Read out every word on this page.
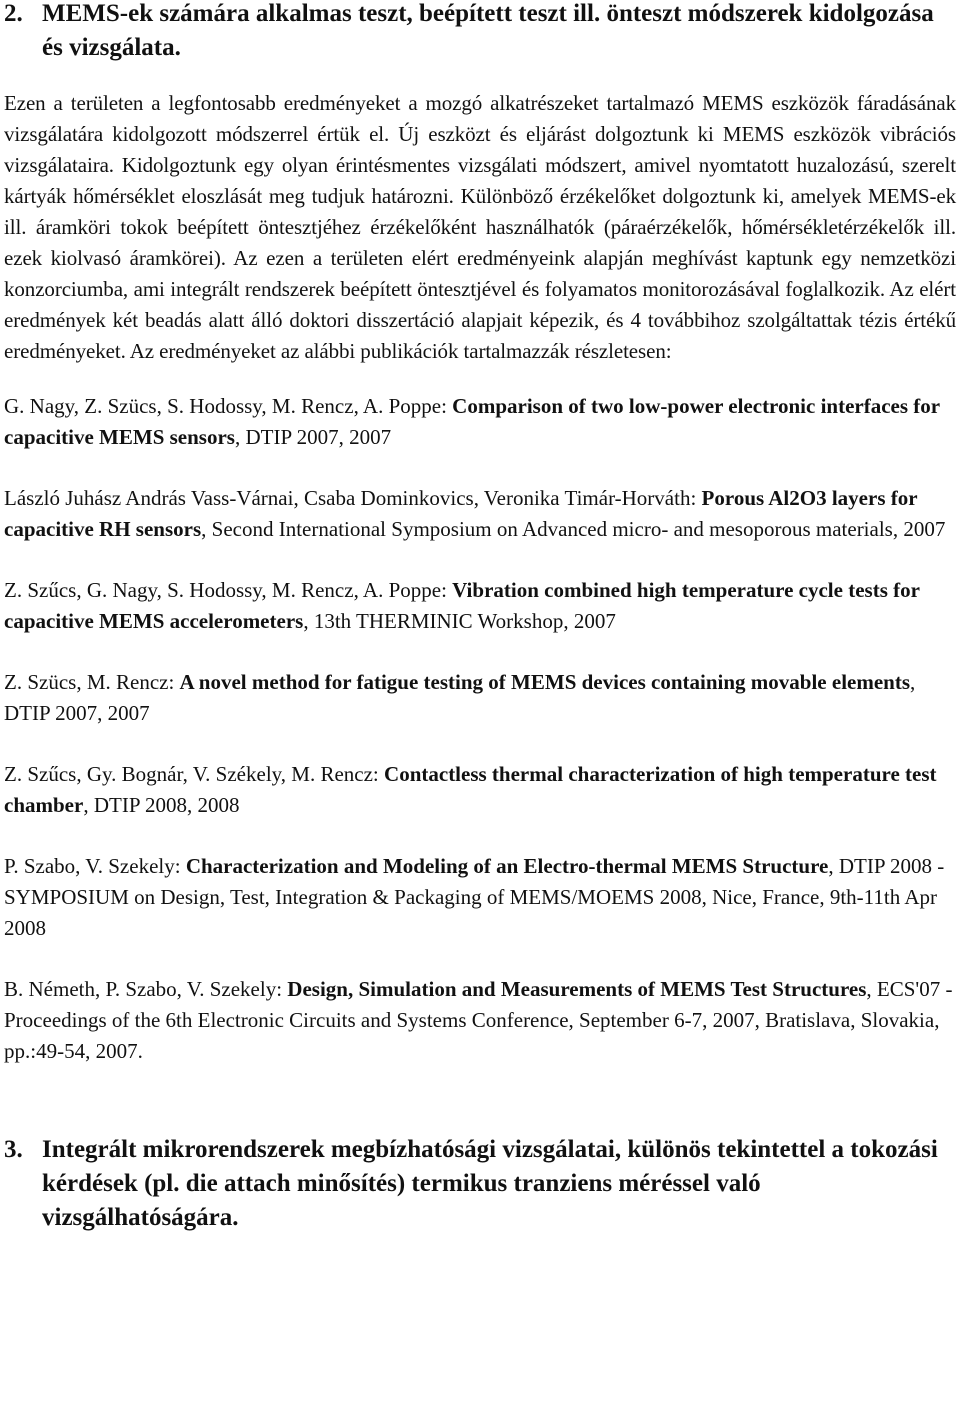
2. MEMS-ek számára alkalmas teszt, beépített teszt ill. önteszt módszerek kidolgozása és vizsgálata.

Ezen a területen a legfontosabb eredményeket a mozgó alkatrészeket tartalmazó MEMS eszközök fáradásának vizsgálatára kidolgozott módszerrel értük el. Új eszközt és eljárást dolgoztunk ki MEMS eszközök vibrációs vizsgálataira. Kidolgoztunk egy olyan érintésmentes vizsgálati módszert, amivel nyomtatott huzalozású, szerelt kártyák hőmérséklet eloszlását meg tudjuk határozni. Különböző érzékelőket dolgoztunk ki, amelyek MEMS-ek ill. áramköri tokok beépített öntesztjéhez érzékelőként használhatók (páraérzékelők, hőmérsékletérzékelők ill. ezek kiolvasó áramkörei). Az ezen a területen elért eredményeink alapján meghívást kaptunk egy nemzetközi konzorciumba, ami integrált rendszerek beépített öntesztjével és folyamatos monitorozásával foglalkozik. Az elért eredmények két beadás alatt álló doktori disszertáció alapjait képezik, és 4 továbbihoz szolgáltattak tézis értékű eredményeket. Az eredményeket az alábbi publikációk tartalmazzák részletesen:

G. Nagy, Z. Szücs, S. Hodossy, M. Rencz, A. Poppe: Comparison of two low-power electronic interfaces for capacitive MEMS sensors, DTIP 2007, 2007

László Juhász András Vass-Várnai, Csaba Dominkovics, Veronika Timár-Horváth: Porous Al2O3 layers for capacitive RH sensors, Second International Symposium on Advanced micro- and mesoporous materials, 2007

Z. Szűcs, G. Nagy, S. Hodossy, M. Rencz, A. Poppe: Vibration combined high temperature cycle tests for capacitive MEMS accelerometers, 13th THERMINIC Workshop, 2007

Z. Szücs, M. Rencz: A novel method for fatigue testing of MEMS devices containing movable elements, DTIP 2007, 2007

Z. Szűcs, Gy. Bognár, V. Székely, M. Rencz: Contactless thermal characterization of high temperature test chamber, DTIP 2008, 2008

P. Szabo, V. Szekely: Characterization and Modeling of an Electro-thermal MEMS Structure, DTIP 2008 - SYMPOSIUM on Design, Test, Integration & Packaging of MEMS/MOEMS 2008, Nice, France, 9th-11th Apr 2008

B. Németh, P. Szabo, V. Szekely: Design, Simulation and Measurements of MEMS Test Structures, ECS'07 - Proceedings of the 6th Electronic Circuits and Systems Conference, September 6-7, 2007, Bratislava, Slovakia, pp.:49-54, 2007.

3. Integrált mikrorendszerek megbízhatósági vizsgálatai, különös tekintettel a tokozási kérdések (pl. die attach minősítés) termikus tranziens méréssel való vizsgálhatóságára.
